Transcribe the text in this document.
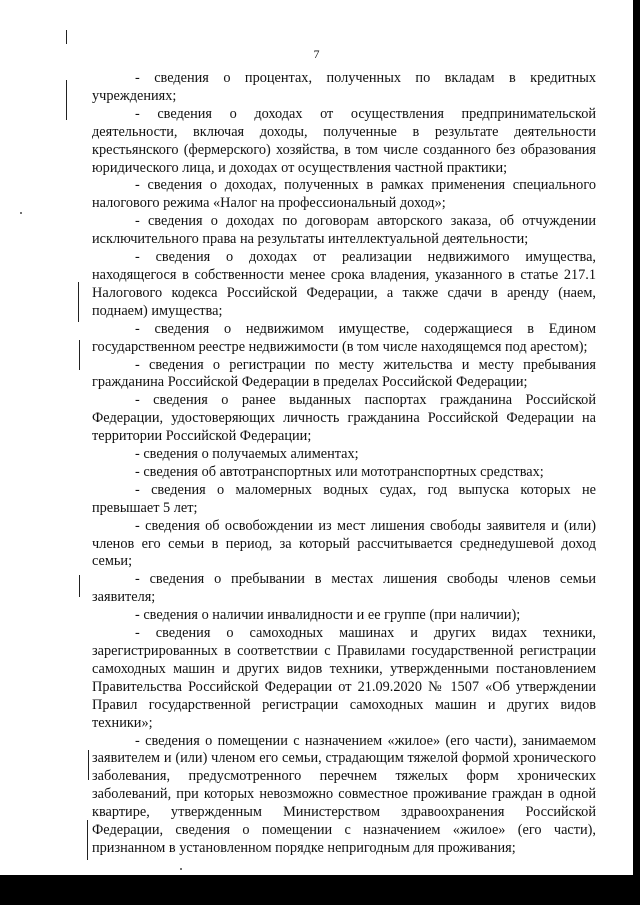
7

- сведения о процентах, полученных по вкладам в кредитных учреждениях;

- сведения о доходах от осуществления предпринимательской деятельности, включая доходы, полученные в результате деятельности крестьянского (фермерского) хозяйства, в том числе созданного без образования юридического лица, и доходах от осуществления частной практики;

- сведения о доходах, полученных в рамках применения специального налогового режима «Налог на профессиональный доход»;

- сведения о доходах по договорам авторского заказа, об отчуждении исключительного права на результаты интеллектуальной деятельности;

- сведения о доходах от реализации недвижимого имущества, находящегося в собственности менее срока владения, указанного в статье 217.1 Налогового кодекса Российской Федерации, а также сдачи в аренду (наем, поднаем) имущества;

- сведения о недвижимом имуществе, содержащиеся в Едином государственном реестре недвижимости (в том числе находящемся под арестом);

- сведения о регистрации по месту жительства и месту пребывания гражданина Российской Федерации в пределах Российской Федерации;

- сведения о ранее выданных паспортах гражданина Российской Федерации, удостоверяющих личность гражданина Российской Федерации на территории Российской Федерации;

- сведения о получаемых алиментах;

- сведения об автотранспортных или мототранспортных средствах;

- сведения о маломерных водных судах, год выпуска которых не превышает 5 лет;

- сведения об освобождении из мест лишения свободы заявителя и (или) членов его семьи в период, за который рассчитывается среднедушевой доход семьи;

- сведения о пребывании в местах лишения свободы членов семьи заявителя;

- сведения о наличии инвалидности и ее группе (при наличии);

- сведения о самоходных машинах и других видах техники, зарегистрированных в соответствии с Правилами государственной регистрации самоходных машин и других видов техники, утвержденными постановлением Правительства Российской Федерации от 21.09.2020 № 1507 «Об утверждении Правил государственной регистрации самоходных машин и других видов техники»;

- сведения о помещении с назначением «жилое» (его части), занимаемом заявителем и (или) членом его семьи, страдающим тяжелой формой хронического заболевания, предусмотренного перечнем тяжелых форм хронических заболеваний, при которых невозможно совместное проживание граждан в одной квартире, утвержденным Министерством здравоохранения Российской Федерации, сведения о помещении с назначением «жилое» (его части), признанном в установленном порядке непригодным для проживания;
